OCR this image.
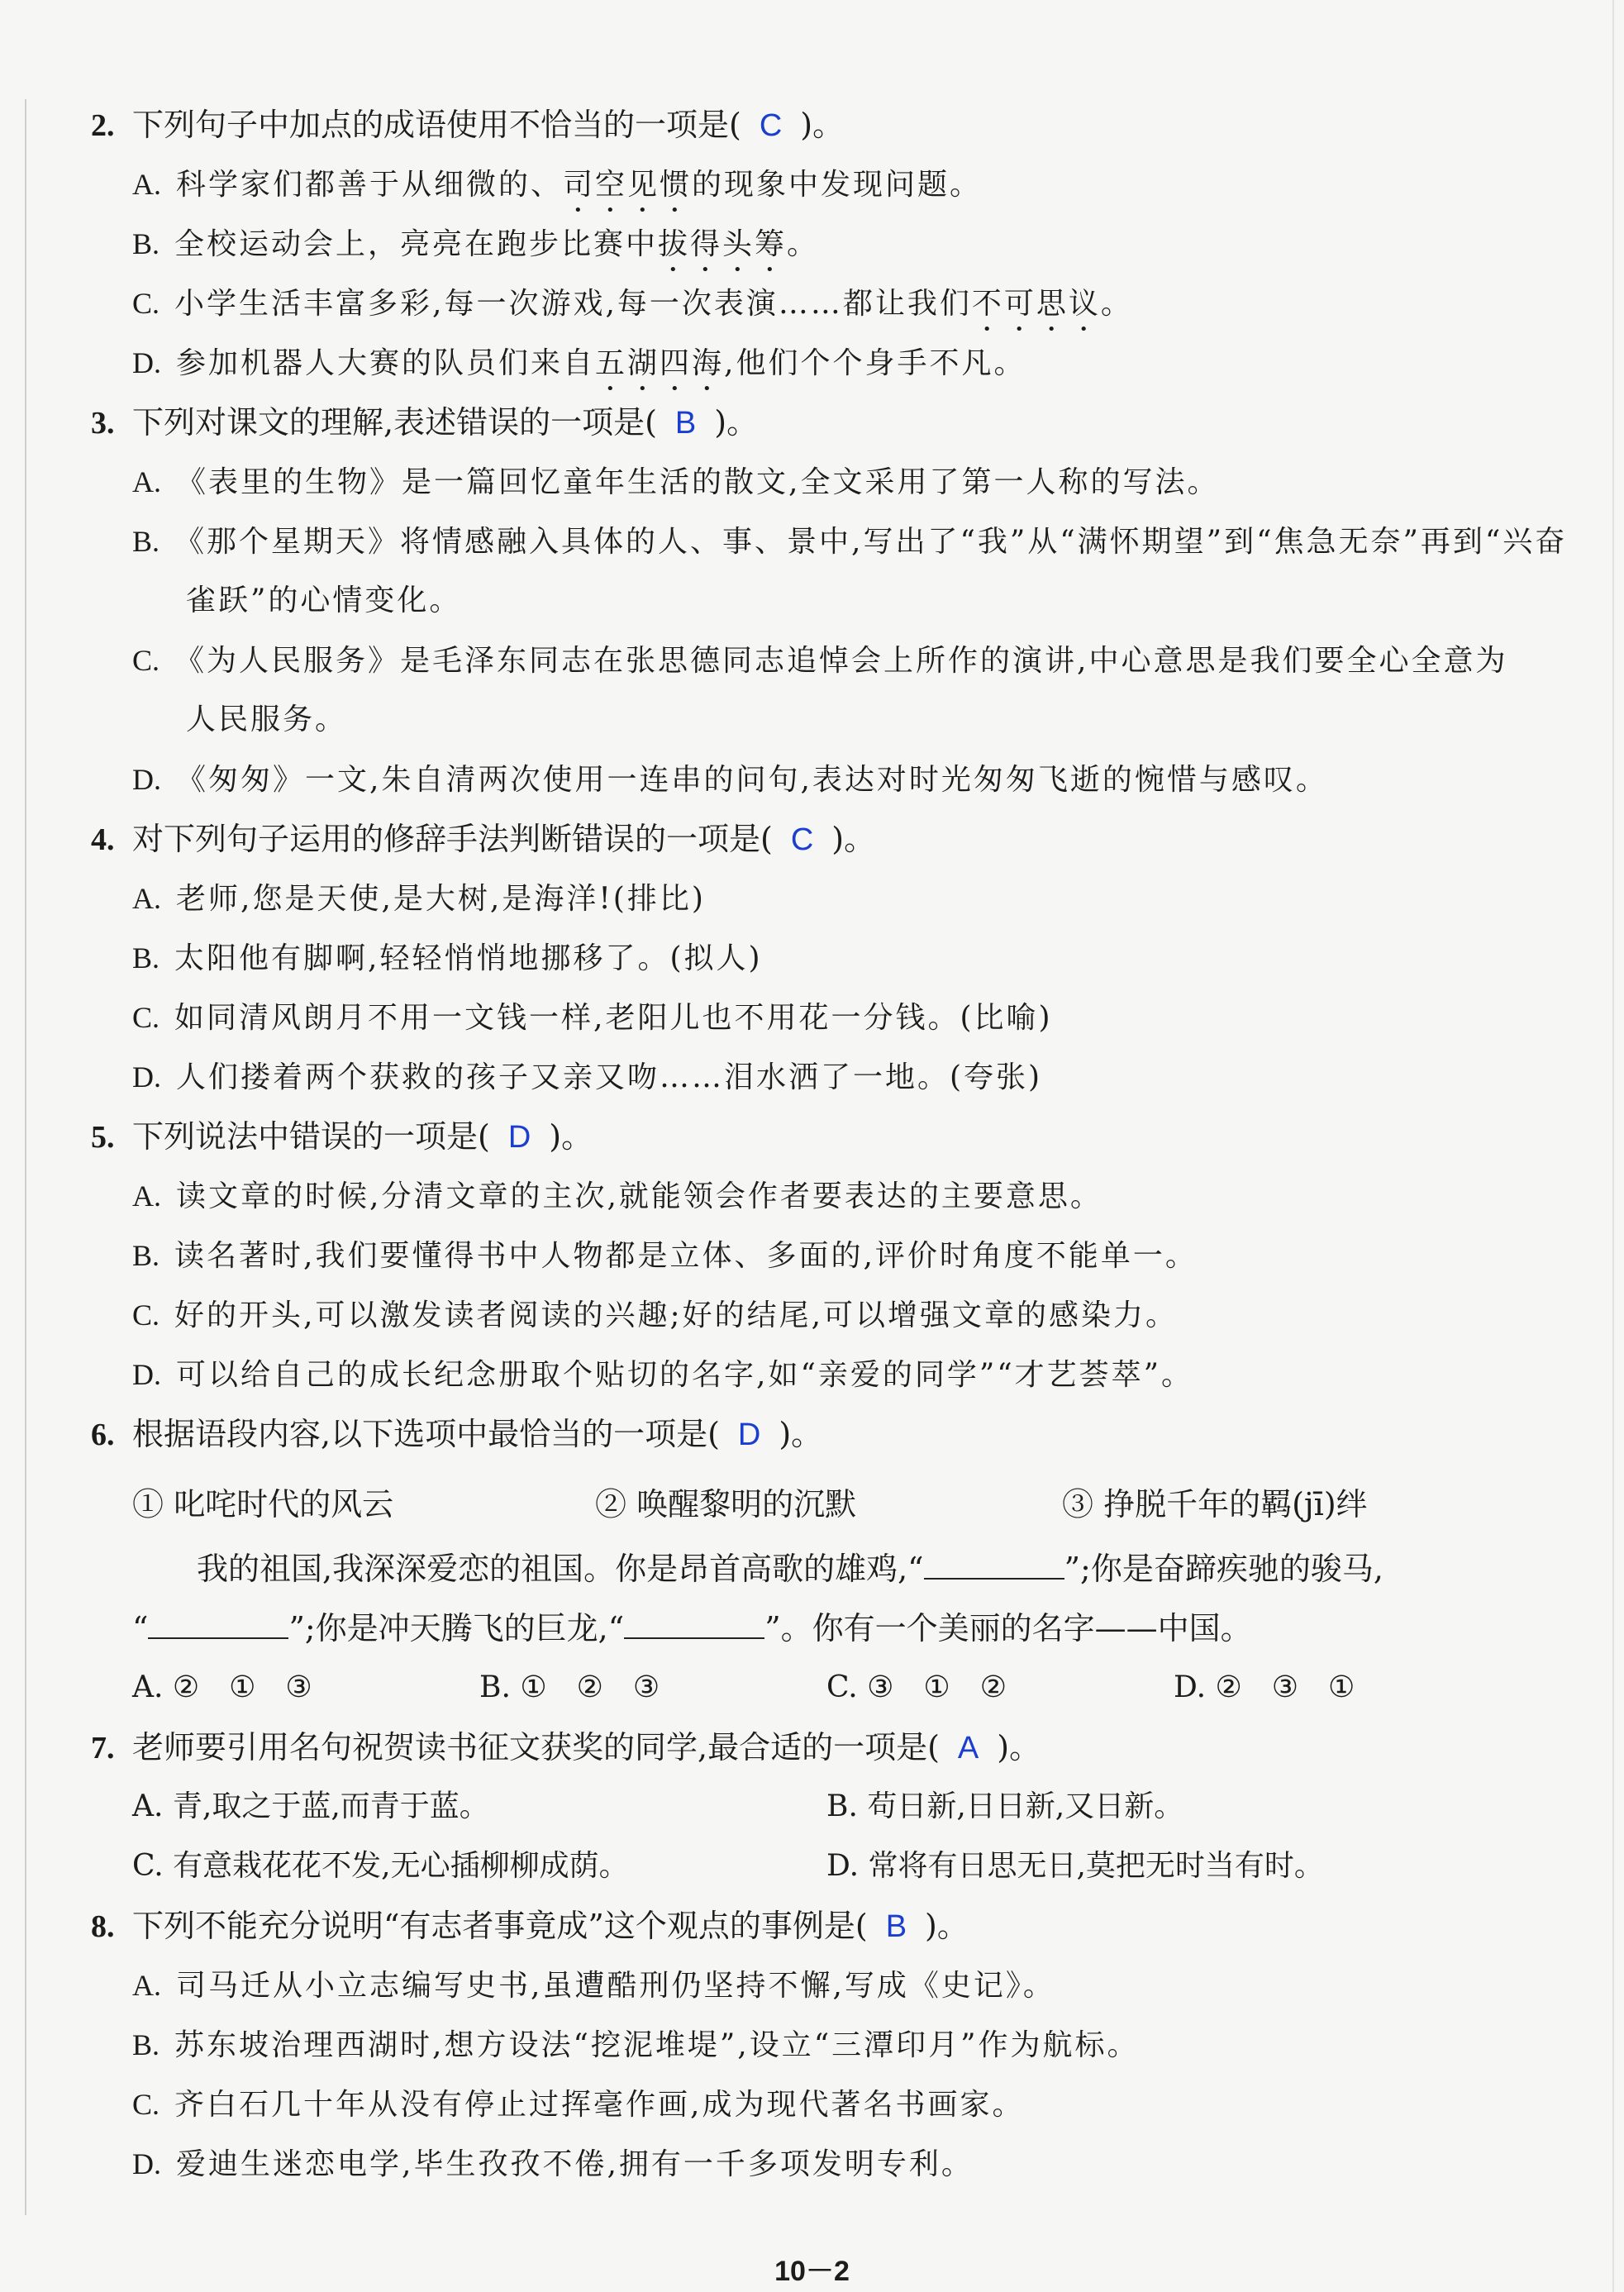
2. 下列句子中加点的成语使用不恰当的一项是( C )。
A. 科学家们都善于从细微的、司空见惯的现象中发现问题。
B. 全校运动会上，亮亮在跑步比赛中拔得头筹。
C. 小学生活丰富多彩,每一次游戏,每一次表演……都让我们不可思议。
D. 参加机器人大赛的队员们来自五湖四海,他们个个身手不凡。
3. 下列对课文的理解,表述错误的一项是( B )。
A. 《表里的生物》是一篇回忆童年生活的散文,全文采用了第一人称的写法。
B. 《那个星期天》将情感融入具体的人、事、景中,写出了“我”从“满怀期望”到“焦急无奈”再到“兴奋
雀跃”的心情变化。
C. 《为人民服务》是毛泽东同志在张思德同志追悼会上所作的演讲,中心意思是我们要全心全意为
人民服务。
D. 《匆匆》一文,朱自清两次使用一连串的问句,表达对时光匆匆飞逝的惋惜与感叹。
4. 对下列句子运用的修辞手法判断错误的一项是( C )。
A. 老师,您是天使,是大树,是海洋!(排比)
B. 太阳他有脚啊,轻轻悄悄地挪移了。(拟人)
C. 如同清风朗月不用一文钱一样,老阳儿也不用花一分钱。(比喻)
D. 人们搂着两个获救的孩子又亲又吻……泪水洒了一地。(夸张)
5. 下列说法中错误的一项是( D )。
A. 读文章的时候,分清文章的主次,就能领会作者要表达的主要意思。
B. 读名著时,我们要懂得书中人物都是立体、多面的,评价时角度不能单一。
C. 好的开头,可以激发读者阅读的兴趣;好的结尾,可以增强文章的感染力。
D. 可以给自己的成长纪念册取个贴切的名字,如“亲爱的同学”“才艺荟萃”。
6. 根据语段内容,以下选项中最恰当的一项是( D )。
① 叱咤时代的风云	② 唤醒黎明的沉默	③ 挣脱千年的羁(jī)绊
我的祖国,我深深爱恋的祖国。你是昂首高歌的雄鸡,“	”;你是奋蹄疾驰的骏马,
“	”;你是冲天腾飞的巨龙,“	”。你有一个美丽的名字——中国。
A. ②　①　③	B. ①　②　③	C. ③　①　②	D. ②　③　①
7. 老师要引用名句祝贺读书征文获奖的同学,最合适的一项是( A )。
A. 青,取之于蓝,而青于蓝。	B. 苟日新,日日新,又日新。
C. 有意栽花花不发,无心插柳柳成荫。	D. 常将有日思无日,莫把无时当有时。
8. 下列不能充分说明“有志者事竟成”这个观点的事例是( B )。
A. 司马迁从小立志编写史书,虽遭酷刑仍坚持不懈,写成《史记》。
B. 苏东坡治理西湖时,想方设法“挖泥堆堤”,设立“三潭印月”作为航标。
C. 齐白石几十年从没有停止过挥毫作画,成为现代著名书画家。
D. 爱迪生迷恋电学,毕生孜孜不倦,拥有一千多项发明专利。
10－2
